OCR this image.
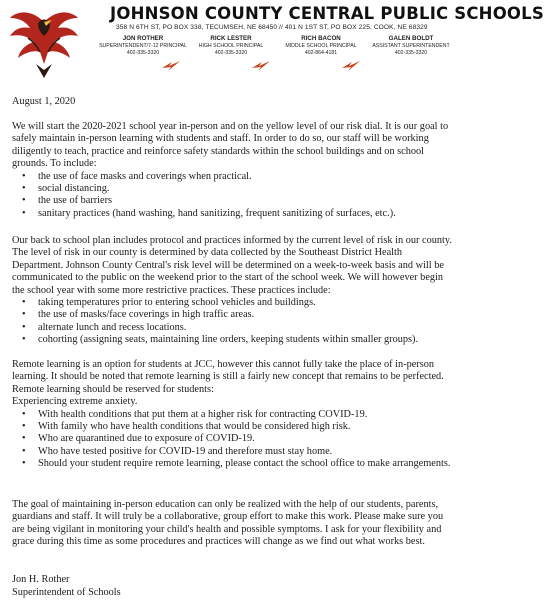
JOHNSON COUNTY CENTRAL PUBLIC SCHOOLS
358 N 6TH ST, PO BOX 338, TECUMSEH, NE 68450 // 401 N 1ST ST, PO BOX 225, COOK, NE 68329
JON ROTHER
SUPERINTENDENT/7-12 PRINCIPAL
402-335-3320
RICK LESTER
HIGH SCHOOL PRINCIPAL
402-335-3320
RICH BACON
MIDDLE SCHOOL PRINCIPAL
402-864-4181
GALEN BOLDT
ASSISTANT SUPERINTENDENT
402-335-3320
August 1, 2020

We will start the 2020-2021 school year in-person and on the yellow level of our risk dial. It is our goal to safely maintain in-person learning with students and staff. In order to do so, our staff will be working diligently to teach, practice and reinforce safety standards within the school buildings and on school grounds. To include:

• the use of face masks and coverings when practical.
• social distancing.
• the use of barriers
• sanitary practices (hand washing, hand sanitizing, frequent sanitizing of surfaces, etc.).

Our back to school plan includes protocol and practices informed by the current level of risk in our county. The level of risk in our county is determined by data collected by the Southeast District Health Department. Johnson County Central's risk level will be determined on a week-to-week basis and will be communicated to the public on the weekend prior to the start of the school week. We will however begin the school year with some more restrictive practices. These practices include:

• taking temperatures prior to entering school vehicles and buildings.
• the use of masks/face coverings in high traffic areas.
• alternate lunch and recess locations.
• cohorting (assigning seats, maintaining line orders, keeping students within smaller groups).

Remote learning is an option for students at JCC, however this cannot fully take the place of in-person learning. It should be noted that remote learning is still a fairly new concept that remains to be perfected. Remote learning should be reserved for students:

Experiencing extreme anxiety.

• With health conditions that put them at a higher risk for contracting COVID-19.
• With family who have health conditions that would be considered high risk.
• Who are quarantined due to exposure of COVID-19.
• Who have tested positive for COVID-19 and therefore must stay home.
• Should your student require remote learning, please contact the school office to make arrangements.

The goal of maintaining in-person education can only be realized with the help of our students, parents, guardians and staff. It will truly be a collaborative, group effort to make this work. Please make sure you are being vigilant in monitoring your child's health and possible symptoms. I ask for your flexibility and grace during this time as some procedures and practices will change as we find out what works best.

Jon H. Rother
Superintendent of Schools
